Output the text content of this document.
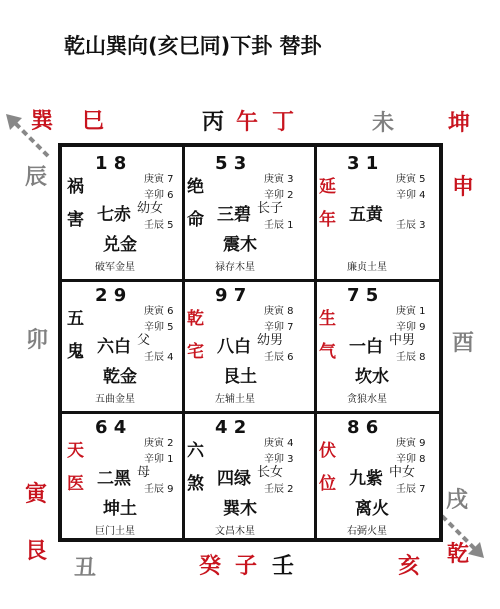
乾山巽向(亥巳同)下卦 替卦
巽 巳	丙 午 丁	未 坤
辰	申
卯	酉
寅	戌
艮	乾
丑	癸 子 壬	亥
1 8
祸
害 七赤
兑金
庚寅 7
辛卯 6
壬辰 5
幼女
破军金星
5 3
绝
命 三碧
震木
庚寅 3
辛卯 2
壬辰 1
长子
禄存木星
3 1
延
年 五黄
庚寅 5
辛卯 4
壬辰 3
廉贞土星
2 9
五
鬼 六白
乾金
庚寅 6
辛卯 5
壬辰 4
父
五曲金星
9 7
乾
宅 八白
艮土
庚寅 8
辛卯 7
壬辰 6
幼男
左辅土星
7 5
生
气 一白
坎水
庚寅 1
辛卯 9
壬辰 8
中男
贪狼水星
6 4
天
医 二黑
坤土
庚寅 2
辛卯 1
壬辰 9
母
巨门土星
4 2
六
煞 四绿
巽木
庚寅 4
辛卯 3
壬辰 2
长女
文昌木星
8 6
伏
位 九紫
离火
庚寅 9
辛卯 8
壬辰 7
中女
右弼火星
